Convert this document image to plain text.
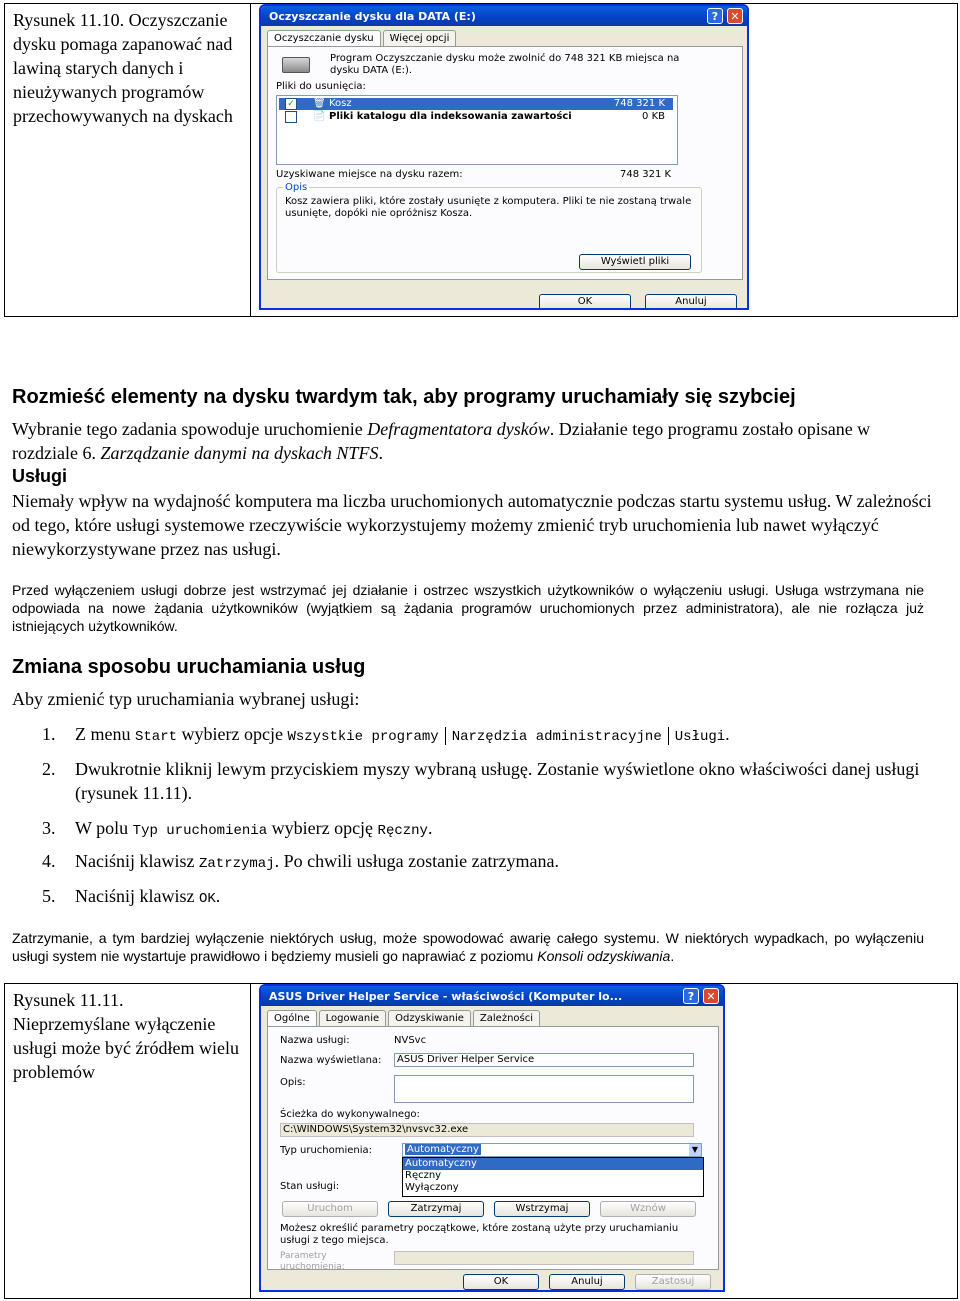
Rysunek 11.10. Oczyszczanie dysku pomaga zapanować nad lawiną starych danych i nieużywanych programów przechowywanych na dyskach
Oczyszczanie dysku dla DATA (E:)	?	✕
Oczyszczanie dysku	Więcej opcji
Program Oczyszczanie dysku może zwolnić do 748 321 KB miejsca na dysku DATA (E:).
Pliki do usunięcia:
✓ 🗑 Kosz	748 321 K
📄 Pliki katalogu dla indeksowania zawartości	0 KB
Uzyskiwane miejsce na dysku razem:	748 321 K
Opis
Kosz zawiera pliki, które zostały usunięte z komputera. Pliki te nie zostaną trwale usunięte, dopóki nie opróżnisz Kosza.
Wyświetl pliki
OK	Anuluj
Rozmieść elementy na dysku twardym tak, aby programy uruchamiały się szybciej
Wybranie tego zadania spowoduje uruchomienie Defragmentatora dysków. Działanie tego programu zostało opisane w rozdziale 6. Zarządzanie danymi na dyskach NTFS.
Usługi
Niemały wpływ na wydajność komputera ma liczba uruchomionych automatycznie podczas startu systemu usług. W zależności od tego, które usługi systemowe rzeczywiście wykorzystujemy możemy zmienić tryb uruchomienia lub nawet wyłączyć niewykorzystywane przez nas usługi.
Przed wyłączeniem usługi dobrze jest wstrzymać jej działanie i ostrzec wszystkich użytkowników o wyłączeniu usługi. Usługa wstrzymana nie odpowiada na nowe żądania użytkowników (wyjątkiem są żądania programów uruchomionych przez administratora), ale nie rozłącza już istniejących użytkowników.
Zmiana sposobu uruchamiania usług
Aby zmienić typ uruchamiania wybranej usługi:
1. Z menu Start wybierz opcje Wszystkie programy Narzędzia administracyjne Usługi.
2. Dwukrotnie kliknij lewym przyciskiem myszy wybraną usługę. Zostanie wyświetlone okno właściwości danej usługi (rysunek 11.11).
3. W polu Typ uruchomienia wybierz opcję Ręczny.
4. Naciśnij klawisz Zatrzymaj. Po chwili usługa zostanie zatrzymana.
5. Naciśnij klawisz OK.
Zatrzymanie, a tym bardziej wyłączenie niektórych usług, może spowodować awarię całego systemu. W niektórych wypadkach, po wyłączeniu usługi system nie wystartuje prawidłowo i będziemy musieli go naprawiać z poziomu Konsoli odzyskiwania.
Rysunek 11.11. Nieprzemyślane wyłączenie usługi może być źródłem wielu problemów
ASUS Driver Helper Service - właściwości (Komputer lo...	?	✕
Ogólne	Logowanie	Odzyskiwanie	Zależności
Nazwa usługi:	NVSvc
Nazwa wyświetlana:	ASUS Driver Helper Service
Opis:
Ścieżka do wykonywalnego:
C:\WINDOWS\System32\nvsvc32.exe
Typ uruchomienia:	Automatyczny	▼
Automatyczny
Ręczny
Wyłączony
Stan usługi:
Uruchom	Zatrzymaj	Wstrzymaj	Wznów
Możesz określić parametry początkowe, które zostaną użyte przy uruchamianiu usługi z tego miejsca.
Parametry uruchomienia:
OK	Anuluj	Zastosuj
